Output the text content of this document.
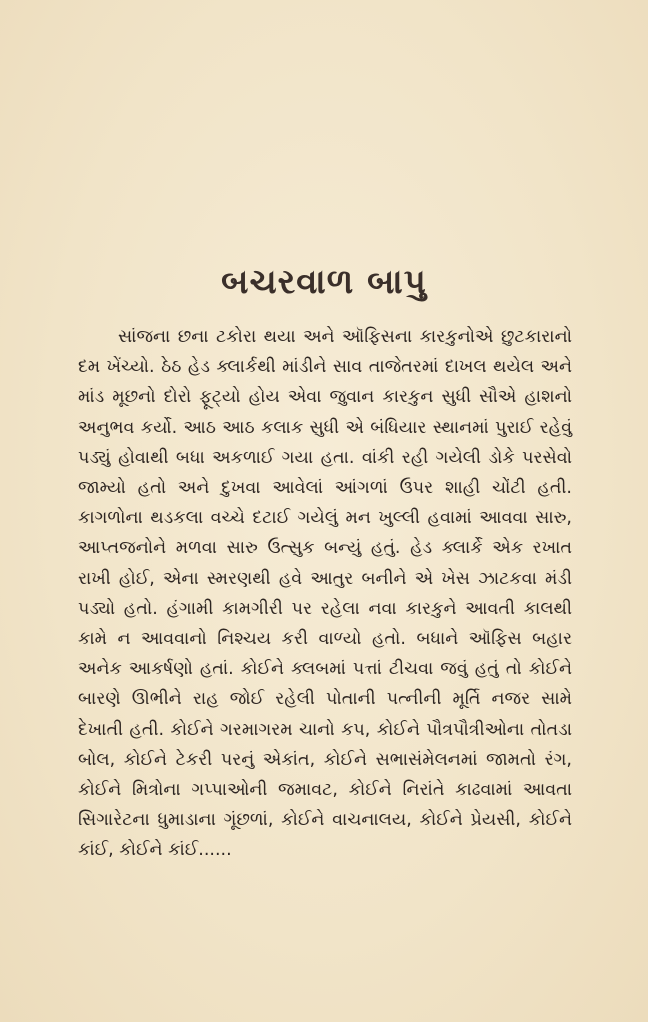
બચરવાળ બાપુ

સાંજના છના ટકોરા થયા અને ઑફિસના કારકુનોએ છુટકારાનો દમ ખેંચ્યો. ઠેઠ હેડ ક્લાર્કથી માંડીને સાવ તાજેતરમાં દાખલ થયેલ અને માંડ મૂછનો દોરો ફૂટ્યો હોય એવા જુવાન કારકુન સુધી સૌએ હાશનો અનુભવ કર્યો. આઠ આઠ કલાક સુધી એ બંધિયાર સ્થાનમાં પુરાઈ રહેવું પડ્યું હોવાથી બધા અકળાઈ ગયા હતા. વાંકી રહી ગયેલી ડોકે પરસેવો જામ્યો હતો અને દુખવા આવેલાં આંગળાં ઉપર શાહી ચોંટી હતી. કાગળોના થડકલા વચ્ચે દટાઈ ગયેલું મન ખુલ્લી હવામાં આવવા સારુ, આપ્તજનોને મળવા સારુ ઉત્સુક બન્યું હતું. હેડ ક્લાર્કે એક રખાત રાખી હોઈ, એના સ્મરણથી હવે આતુર બનીને એ ખેસ ઝાટકવા મંડી પડ્યો હતો. હંગામી કામગીરી પર રહેલા નવા કારકુને આવતી કાલથી કામે ન આવવાનો નિશ્ચય કરી વાળ્યો હતો. બધાને ઑફિસ બહાર અનેક આકર્ષણો હતાં. કોઈને ક્લબમાં પત્તાં ટીચવા જવું હતું તો કોઈને બારણે ઊભીને રાહ જોઈ રહેલી પોતાની પત્નીની મૂર્તિ નજર સામે દેખાતી હતી. કોઈને ગરમાગરમ ચાનો કપ, કોઈને પૌત્રપૌત્રીઓના તોતડા બોલ, કોઈને ટેકરી પરનું એકાંત, કોઈને સભાસંમેલનમાં જામતો રંગ, કોઈને મિત્રોના ગપ્પાઓની જમાવટ, કોઈને નિરાંતે કાઢવામાં આવતા સિગારેટના ધુમાડાના ગૂંછળાં, કોઈને વાચનાલય, કોઈને પ્રેયસી, કોઈને કાંઈ, કોઈને કાંઈ......
